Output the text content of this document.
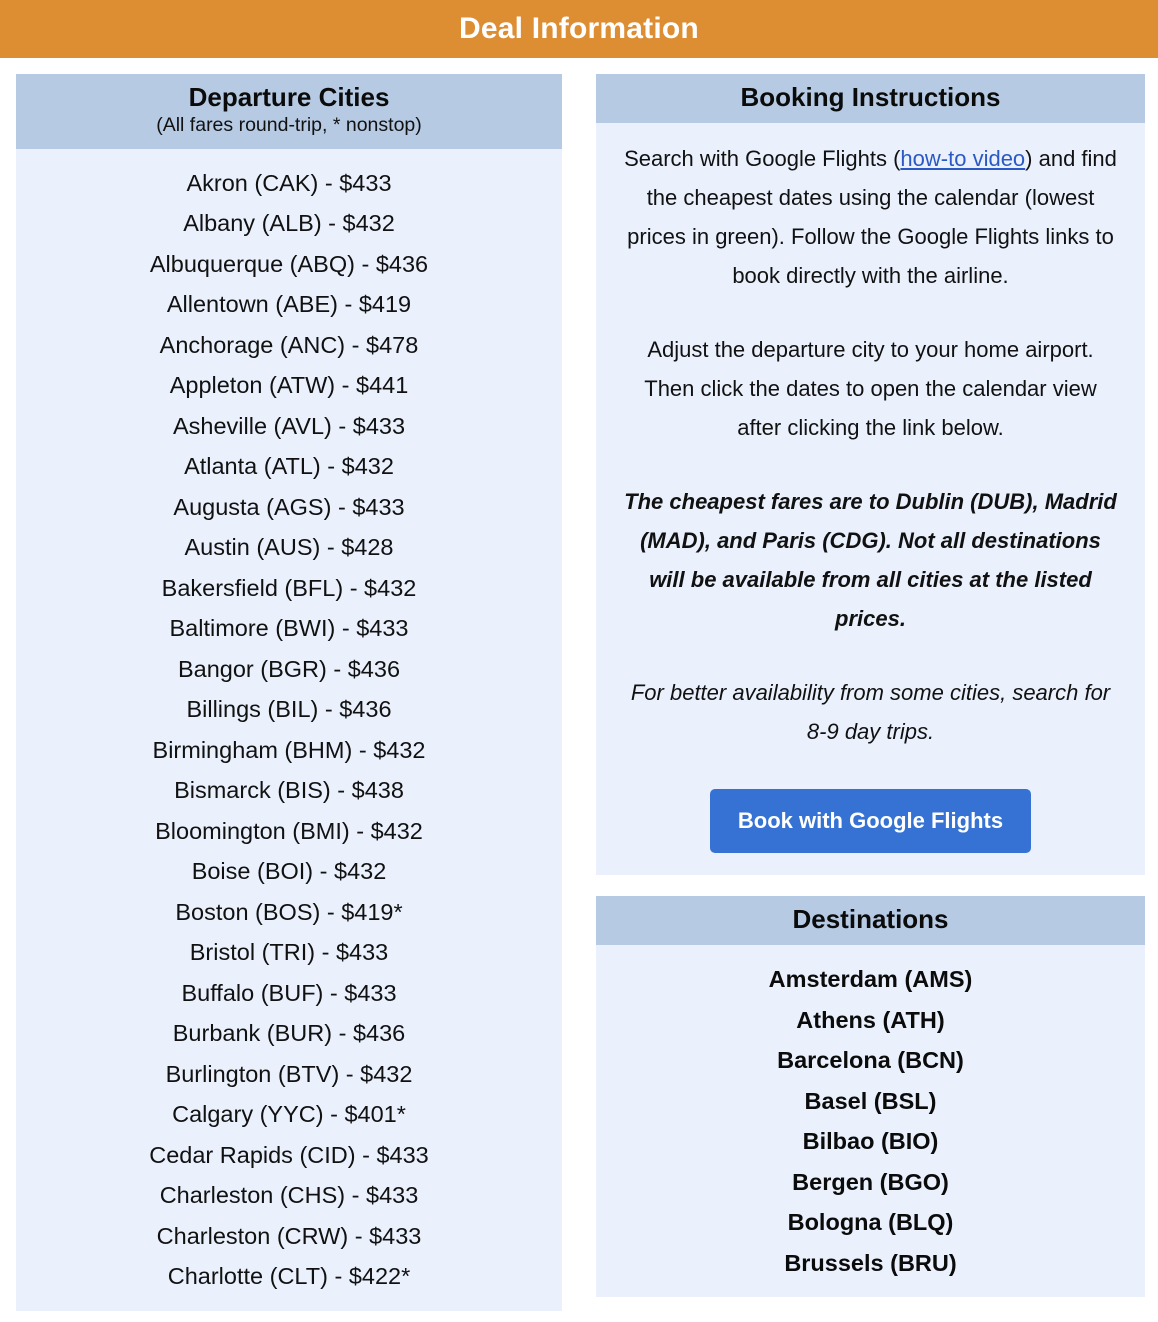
Deal Information
Departure Cities
(All fares round-trip, * nonstop)
Akron (CAK) - $433
Albany (ALB) - $432
Albuquerque (ABQ) - $436
Allentown (ABE) - $419
Anchorage (ANC) - $478
Appleton (ATW) - $441
Asheville (AVL) - $433
Atlanta (ATL) - $432
Augusta (AGS) - $433
Austin (AUS) - $428
Bakersfield (BFL) - $432
Baltimore (BWI) - $433
Bangor (BGR) - $436
Billings (BIL) - $436
Birmingham (BHM) - $432
Bismarck (BIS) - $438
Bloomington (BMI) - $432
Boise (BOI) - $432
Boston (BOS) - $419*
Bristol (TRI) - $433
Buffalo (BUF) - $433
Burbank (BUR) - $436
Burlington (BTV) - $432
Calgary (YYC) - $401*
Cedar Rapids (CID) - $433
Charleston (CHS) - $433
Charleston (CRW) - $433
Charlotte (CLT) - $422*
Booking Instructions

Search with Google Flights (how-to video) and find the cheapest dates using the calendar (lowest prices in green). Follow the Google Flights links to book directly with the airline.

Adjust the departure city to your home airport. Then click the dates to open the calendar view after clicking the link below.

The cheapest fares are to Dublin (DUB), Madrid (MAD), and Paris (CDG). Not all destinations will be available from all cities at the listed prices.

For better availability from some cities, search for 8-9 day trips.

Book with Google Flights
Destinations
Amsterdam (AMS)
Athens (ATH)
Barcelona (BCN)
Basel (BSL)
Bilbao (BIO)
Bergen (BGO)
Bologna (BLQ)
Brussels (BRU)
